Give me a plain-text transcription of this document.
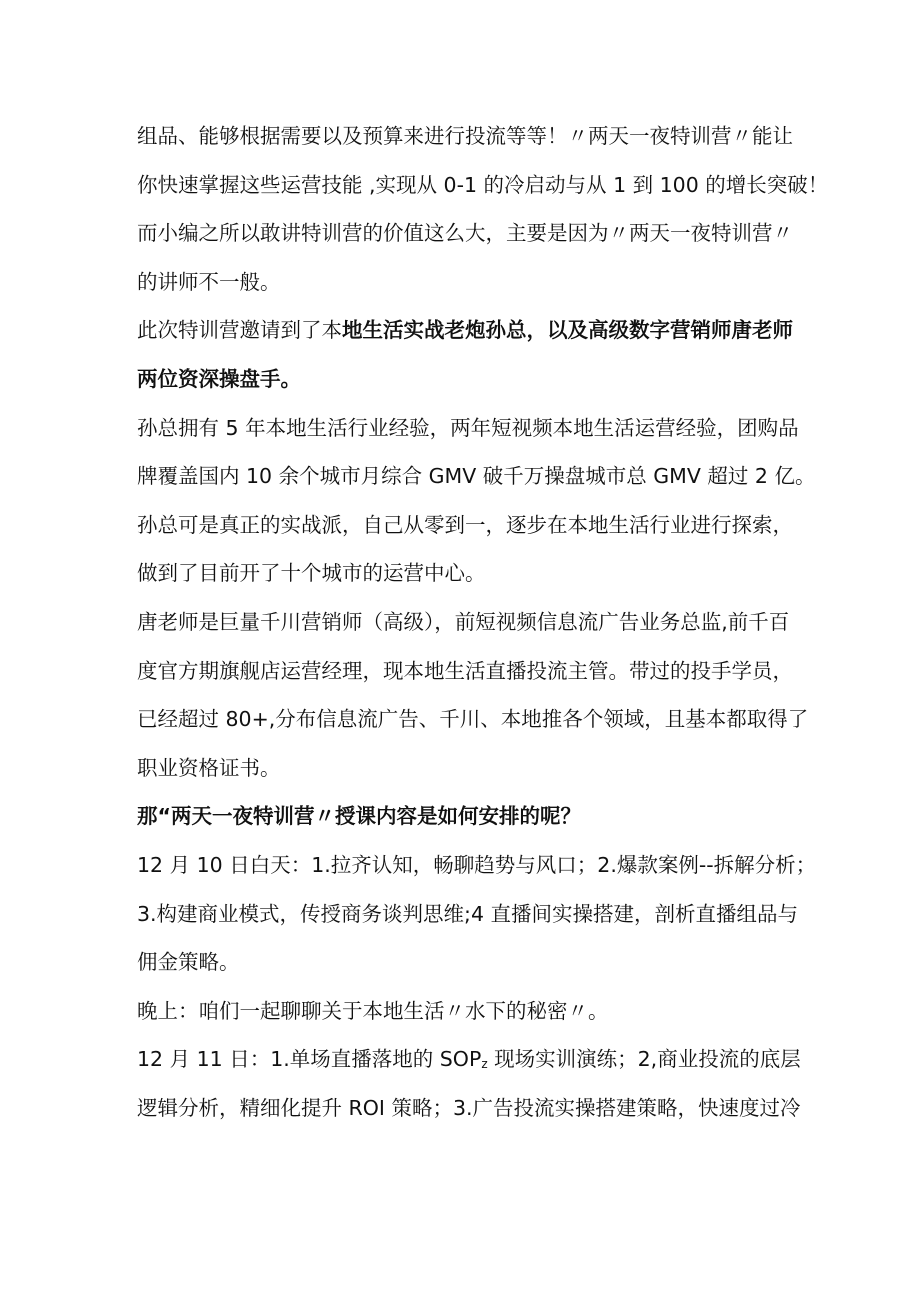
组品、能够根据需要以及预算来进行投流等等！〃两天一夜特训营〃能让
你快速掌握这些运营技能 ,实现从 0-1 的冷启动与从 1 到 100 的增长突破！
而小编之所以敢讲特训营的价值这么大，主要是因为〃两天一夜特训营〃
的讲师不一般。
此次特训营邀请到了本地生活实战老炮孙总，以及高级数字营销师唐老师
两位资深操盘手。
孙总拥有 5 年本地生活行业经验，两年短视频本地生活运营经验，团购品
牌覆盖国内 10 余个城市月综合 GMV 破千万操盘城市总 GMV 超过 2 亿。
孙总可是真正的实战派，自己从零到一，逐步在本地生活行业进行探索，
做到了目前开了十个城市的运营中心。
唐老师是巨量千川营销师（高级），前短视频信息流广告业务总监,前千百
度官方期旗舰店运营经理，现本地生活直播投流主管。带过的投手学员，
已经超过 80+,分布信息流广告、千川、本地推各个领域，且基本都取得了
职业资格证书。
那“两天一夜特训营〃授课内容是如何安排的呢？
12 月 10 日白天：1.拉齐认知，畅聊趋势与风口；2.爆款案例--拆解分析；
3.构建商业模式，传授商务谈判思维;4 直播间实操搭建，剖析直播组品与
佣金策略。
晚上：咱们一起聊聊关于本地生活〃水下的秘密〃。
12 月 11 日：1.单场直播落地的 $SOP_z$ 现场实训演练；2,商业投流的底层
逻辑分析，精细化提升 ROI 策略；3.广告投流实操搭建策略，快速度过冷
